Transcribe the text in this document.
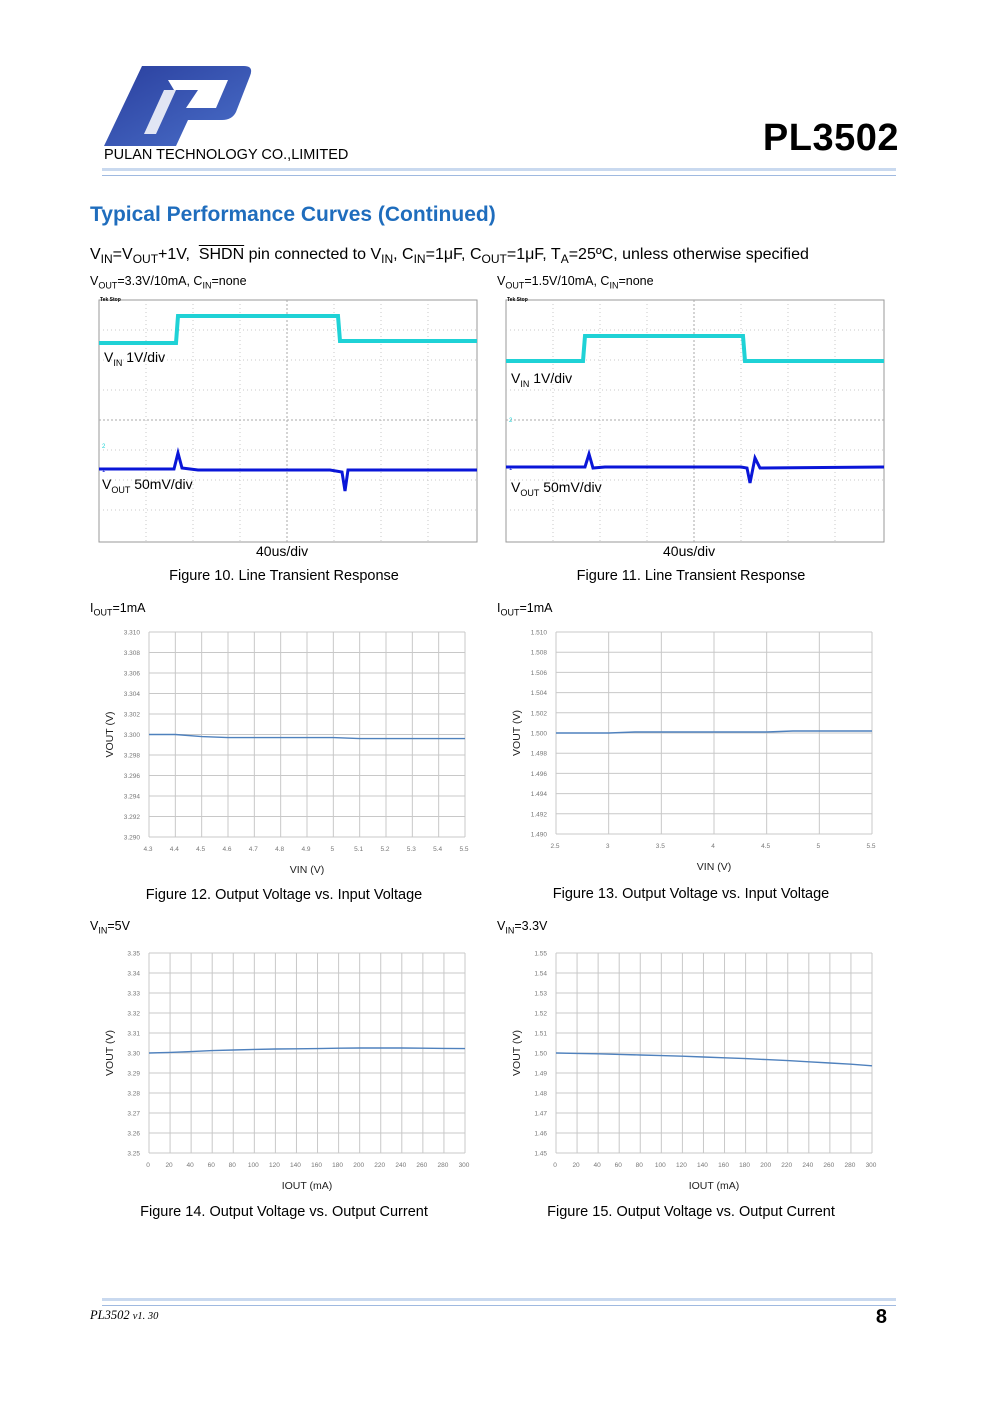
PULAN TECHNOLOGY CO.,LIMITED	PL3502
Typical Performance Curves (Continued)
$V_{IN}=V_{OUT}+1V$, SHDN pin connected to $V_{IN}$, $C_{IN}=1\mu F$, $C_{OUT}=1\mu F$, $T_A=25ºC$, unless otherwise specified
$V_{OUT}=3.3V/10mA$, $C_{IN}=none$	$V_{OUT}=1.5V/10mA$, $C_{IN}=none$
Tek Stop
2
1
$V_{IN}$ 1V/div
$V_{OUT}$ 50mV/div
40us/div
Figure 10. Line Transient Response
Tek Stop
2
1
$V_{IN}$ 1V/div
$V_{OUT}$ 50mV/div
40us/div
Figure 11. Line Transient Response
$I_{OUT}=1mA$	$I_{OUT}=1mA$
$V_{IN}=5V$	$V_{IN}=3.3V$
3.310
3.308
3.306
3.304
3.302
3.300
3.298
3.296
3.294
3.292
3.290
4.3	4.4	4.5	4.6	4.7	4.8	4.9	5	5.1	5.2	5.3	5.4	5.5
VIN (V)
VOUT (V)
1.510
1.508
1.506
1.504
1.502
1.500
1.498
1.496
1.494
1.492
1.490
2.5	3	3.5	4	4.5	5	5.5
VIN (V)
VOUT (V)
3.35
3.34
3.33
3.32
3.31
3.30
3.29
3.28
3.27
3.26
3.25
0 20 40 60 80 100 120 140 160 180 200 220 240 260 280 300
IOUT (mA)
VOUT (V)
1.55
1.54
1.53
1.52
1.51
1.50
1.49
1.48
1.47
1.46
1.45
0 20 40 60 80 100 120 140 160 180 200 220 240 260 280 300
IOUT (mA)
VOUT (V)
Figure 12. Output Voltage vs. Input Voltage	Figure 13. Output Voltage vs. Input Voltage
Figure 14. Output Voltage vs. Output Current	Figure 15. Output Voltage vs. Output Current
PL3502 v1. 30	8
